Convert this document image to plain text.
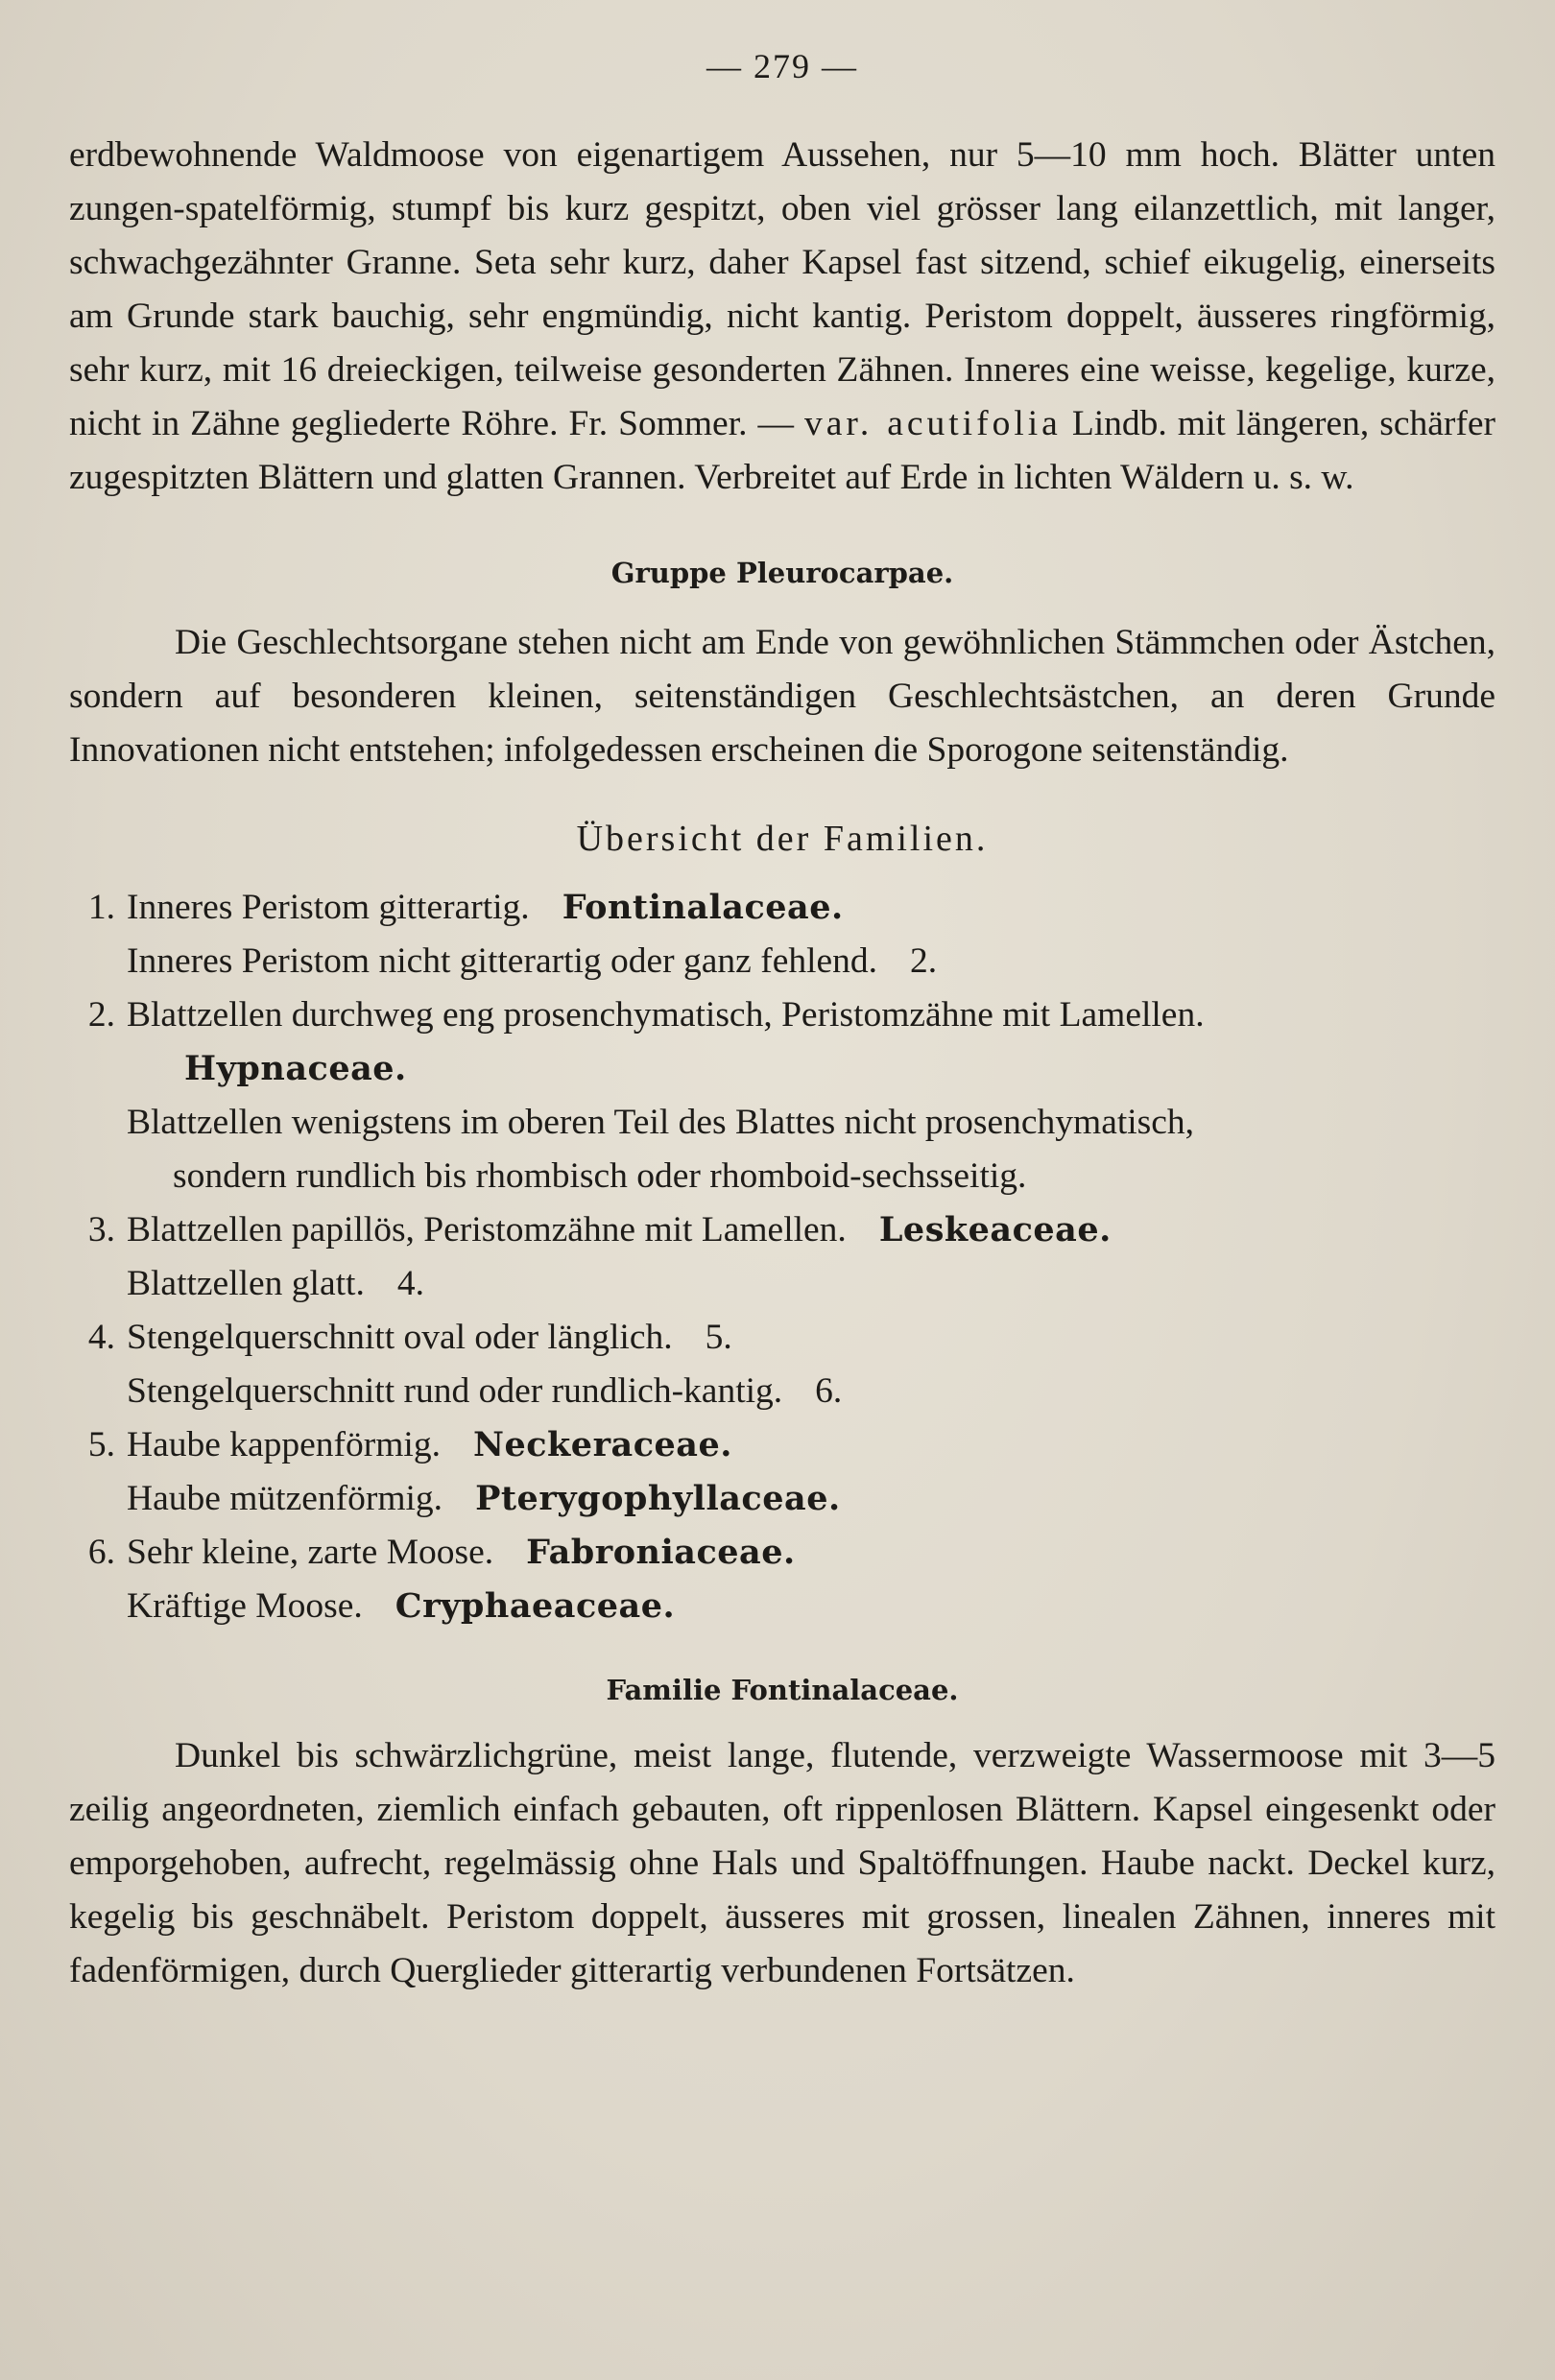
— 279 —

erdbewohnende Waldmoose von eigenartigem Aussehen, nur 5—10 mm hoch. Blätter unten zungen-spatelförmig, stumpf bis kurz gespitzt, oben viel grösser lang eilanzettlich, mit langer, schwachgezähnter Granne. Seta sehr kurz, daher Kapsel fast sitzend, schief eikugelig, einerseits am Grunde stark bauchig, sehr engmündig, nicht kantig. Peristom doppelt, äusseres ringförmig, sehr kurz, mit 16 dreieckigen, teilweise gesonderten Zähnen. Inneres eine weisse, kegelige, kurze, nicht in Zähne gegliederte Röhre. Fr. Sommer. — var. acutifolia Lindb. mit längeren, schärfer zugespitzten Blättern und glatten Grannen. Verbreitet auf Erde in lichten Wäldern u. s. w.

Gruppe Pleurocarpae.

Die Geschlechtsorgane stehen nicht am Ende von gewöhnlichen Stämmchen oder Ästchen, sondern auf besonderen kleinen, seitenständigen Geschlechtsästchen, an deren Grunde Innovationen nicht entstehen; infolgedessen erscheinen die Sporogone seitenständig.

Übersicht der Familien.
1. Inneres Peristom gitterartig. Fontinalaceae.
Inneres Peristom nicht gitterartig oder ganz fehlend. 2.
2. Blattzellen durchweg eng prosenchymatisch, Peristomzähne mit Lamellen.
Hypnaceae.
Blattzellen wenigstens im oberen Teil des Blattes nicht prosenchymatisch,
sondern rundlich bis rhombisch oder rhomboid-sechsseitig.
3. Blattzellen papillös, Peristomzähne mit Lamellen. Leskeaceae.
Blattzellen glatt. 4.
4. Stengelquerschnitt oval oder länglich. 5.
Stengelquerschnitt rund oder rundlich-kantig. 6.
5. Haube kappenförmig. Neckeraceae.
Haube mützenförmig. Pterygophyllaceae.
6. Sehr kleine, zarte Moose. Fabroniaceae.
Kräftige Moose. Cryphaeaceae.
Familie Fontinalaceae.

Dunkel bis schwärzlichgrüne, meist lange, flutende, verzweigte Wassermoose mit 3—5 zeilig angeordneten, ziemlich einfach gebauten, oft rippenlosen Blättern. Kapsel eingesenkt oder emporgehoben, aufrecht, regelmässig ohne Hals und Spaltöffnungen. Haube nackt. Deckel kurz, kegelig bis geschnäbelt. Peristom doppelt, äusseres mit grossen, linealen Zähnen, inneres mit fadenförmigen, durch Querglieder gitterartig verbundenen Fortsätzen.
